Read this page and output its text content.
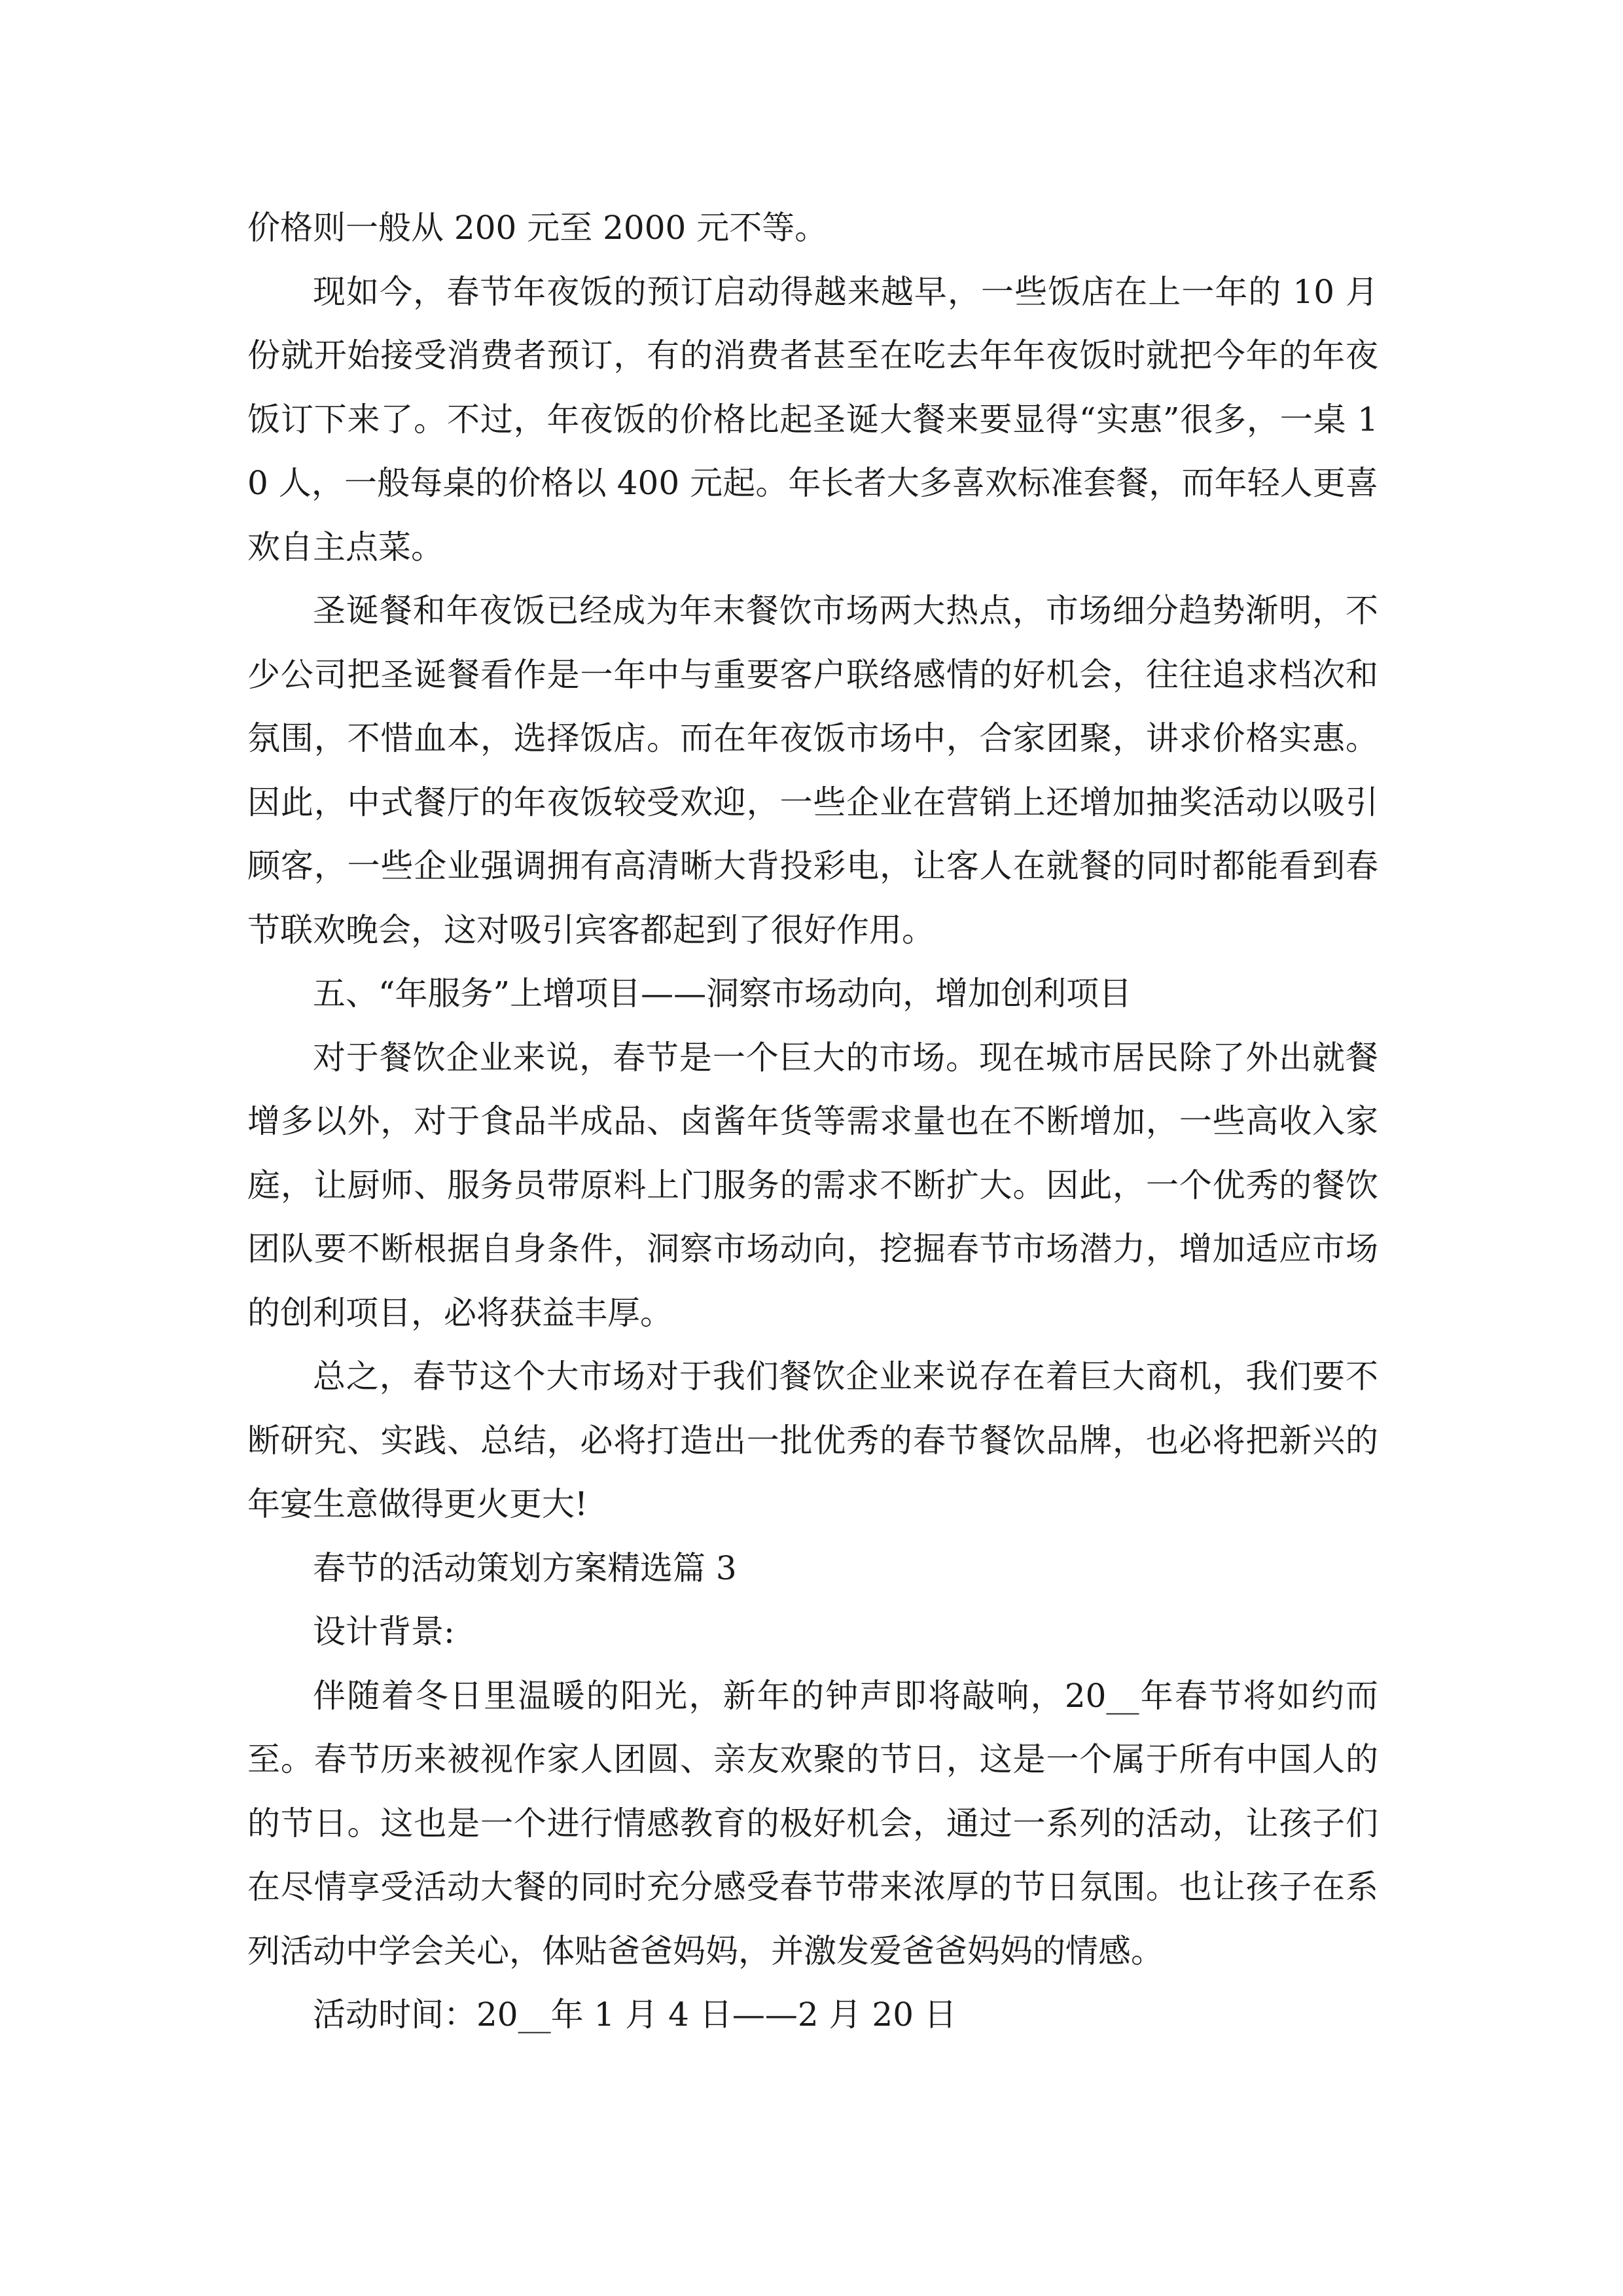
价格则一般从 200 元至 2000 元不等。

现如今，春节年夜饭的预订启动得越来越早，一些饭店在上一年的 10 月份就开始接受消费者预订，有的消费者甚至在吃去年年夜饭时就把今年的年夜饭订下来了。不过，年夜饭的价格比起圣诞大餐来要显得“实惠”很多，一桌 10 人，一般每桌的价格以 400 元起。年长者大多喜欢标准套餐，而年轻人更喜欢自主点菜。

圣诞餐和年夜饭已经成为年末餐饮市场两大热点，市场细分趋势渐明，不少公司把圣诞餐看作是一年中与重要客户联络感情的好机会，往往追求档次和氛围，不惜血本，选择饭店。而在年夜饭市场中，合家团聚，讲求价格实惠。因此，中式餐厅的年夜饭较受欢迎，一些企业在营销上还增加抽奖活动以吸引顾客，一些企业强调拥有高清晰大背投彩电，让客人在就餐的同时都能看到春节联欢晚会，这对吸引宾客都起到了很好作用。

五、“年服务”上增项目——洞察市场动向，增加创利项目

对于餐饮企业来说，春节是一个巨大的市场。现在城市居民除了外出就餐增多以外，对于食品半成品、卤酱年货等需求量也在不断增加，一些高收入家庭，让厨师、服务员带原料上门服务的需求不断扩大。因此，一个优秀的餐饮团队要不断根据自身条件，洞察市场动向，挖掘春节市场潜力，增加适应市场的创利项目，必将获益丰厚。

总之，春节这个大市场对于我们餐饮企业来说存在着巨大商机，我们要不断研究、实践、总结，必将打造出一批优秀的春节餐饮品牌，也必将把新兴的年宴生意做得更火更大!

春节的活动策划方案精选篇 3

设计背景:

伴随着冬日里温暖的阳光，新年的钟声即将敲响，20__年春节将如约而至。春节历来被视作家人团圆、亲友欢聚的节日，这是一个属于所有中国人的的节日。这也是一个进行情感教育的极好机会，通过一系列的活动，让孩子们在尽情享受活动大餐的同时充分感受春节带来浓厚的节日氛围。也让孩子在系列活动中学会关心，体贴爸爸妈妈，并激发爱爸爸妈妈的情感。

活动时间：20__年 1 月 4 日——2 月 20 日
